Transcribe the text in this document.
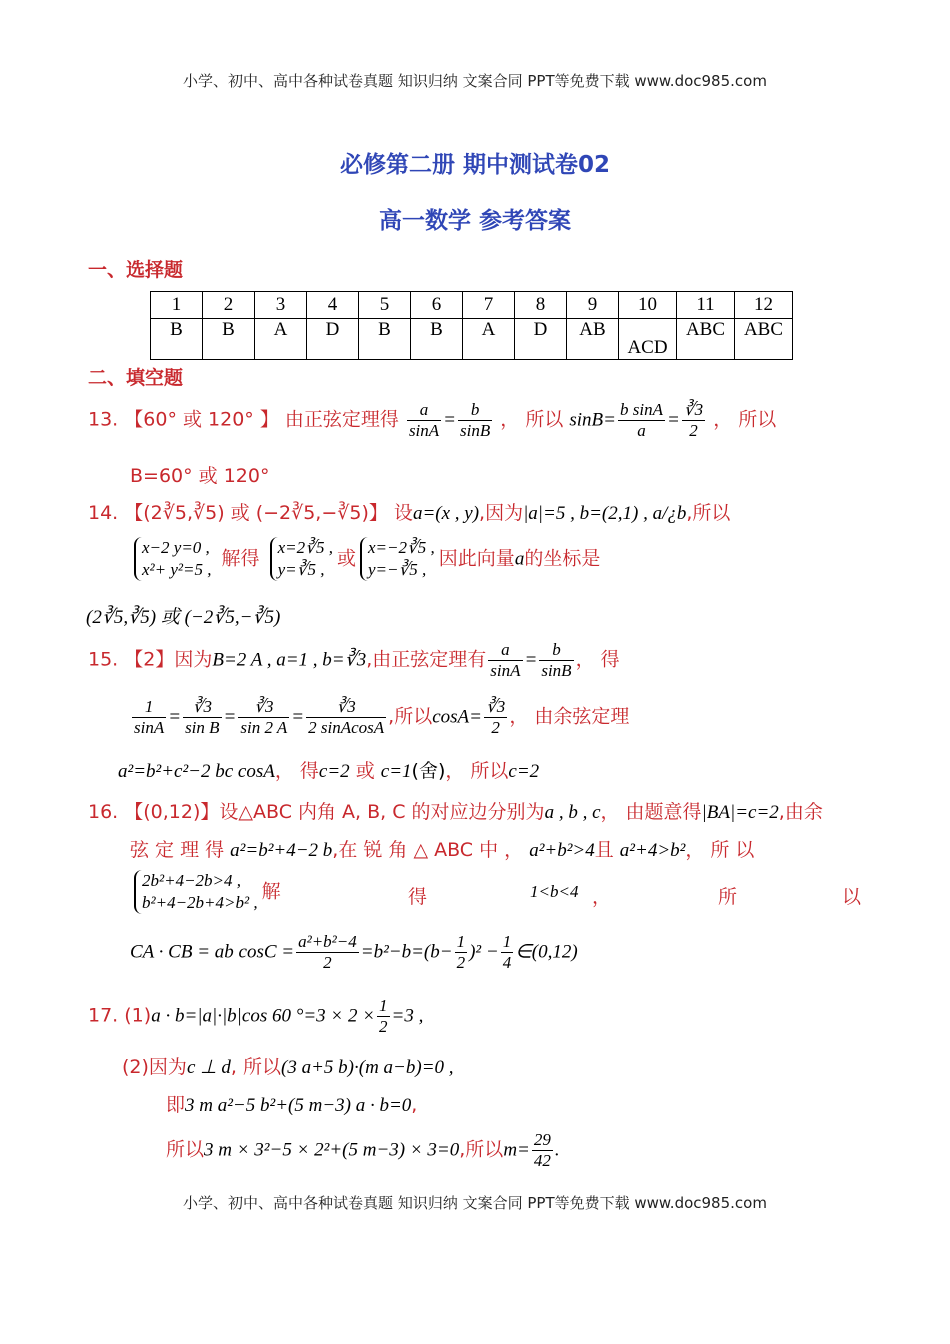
小学、初中、高中各种试卷真题 知识归纳 文案合同 PPT等免费下载 www.doc985.com
必修第二册 期中测试卷02
高一数学 参考答案
一、选择题
1	2	3	4	5	6	7	8	9	10	11	12
B	B	A	D	B	B	A	D	AB	ACD	ABC	ABC
二、填空题
13. 【60° 或 120° 】 由正弦定理得 $\frac{a}{\sin A} = \frac{b}{\sin B}$ ， 所以 $\sin B= \frac{\text{b sinA}}{a} = \frac{∛3}{2}$ ， 所以
B=60° 或 120°
14. 【(2∛5,∛5) 或 (−2∛5,−∛5)】 设a=(x , y),因为|a|=5 , b=(2,1) , a/¿b,所以
x−2 y=0 ,
x²+ y²=5 , 解得
x=2∛5 ,
y=∛5 , 或
x=−2∛5 ,
y=−∛5 , 因此向量a的坐标是
(2∛5,∛5) 或 (−2∛5,−∛5)
15. 【2】因为B=2 A , a=1 , b=∛3,由正弦定理有 $\frac{a}{\sin A} = \frac{b}{\sin B}$ ， 得
$\frac{1}{\sin A} = \frac{∛3}{\text{sin B}} = \frac{∛3}{\sin 2 A} = \frac{∛3}{\text{2 sinAcosA}}$ ,所以$\cos A= \frac{∛3}{2}$ ， 由余弦定理
a²=b²+c²−2 bc cosA， 得c=2 或 c=1(舍)， 所以c=2
16. 【(0,12)】设△ABC 内角 A, B, C 的对应边分别为a , b , c， 由题意得|BA|=c=2,由余
弦 定 理 得 a²=b²+4−2 b,在 锐 角 △ ABC 中 ， a²+b²>4且 a²+4>b²， 所 以
2b²+4−2b>4 ,
b²+4−2b+4>b² , 解	得	1<b<4 ，	所	以
CA · CB = ab $\cos C = \frac{\text{a²+b²−4}}{2} =b^2-b=(b- \frac{1}{2} )^2 - \frac{1}{4}$ ∈(0,12)
17. (1)a · b=|a|·|b|cos 60 $^\circ=3 \times 2 \times \frac{1}{2} =3$ ,
(2)因为c ⊥ d, 所以(3 a+5 b)·(m a−b)=0 ,
即3 m a²−5 b²+(5 m−3) a · b=0,
所以3 m × 3²−5 × 2²+(5 m−3) × 3=0,所以$m= \frac{29}{42}$ .
小学、初中、高中各种试卷真题 知识归纳 文案合同 PPT等免费下载 www.doc985.com
